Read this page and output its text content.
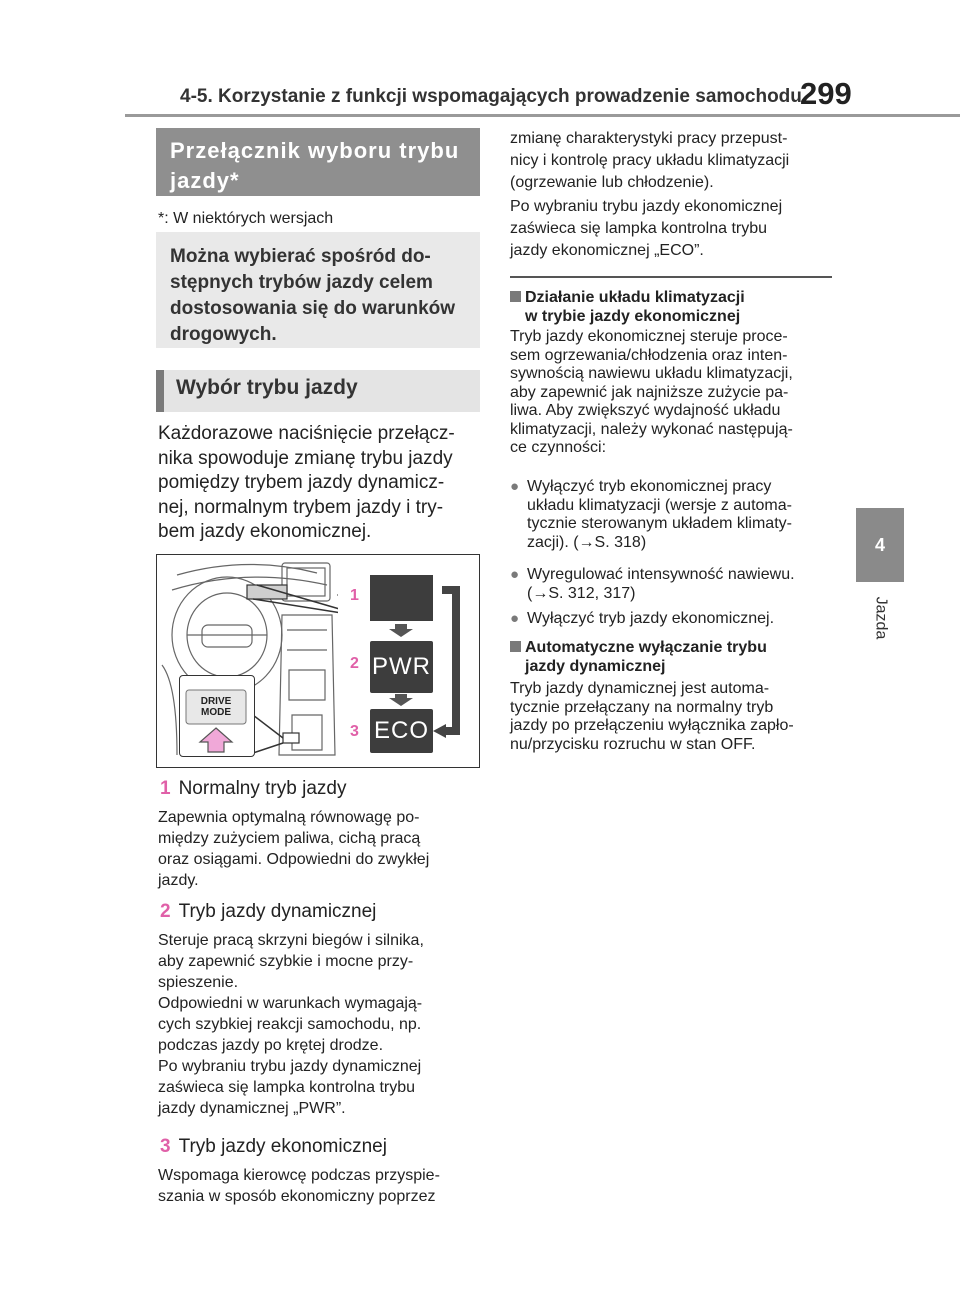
4-5. Korzystanie z funkcji wspomagających prowadzenie samochodu
299
4
Jazda
Przełącznik wyboru trybu
jazdy*
*: W niektórych wersjach
Można wybierać spośród do-
stępnych trybów jazdy celem
dostosowania się do warunków
drogowych.
Wybór trybu jazdy
Każdorazowe naciśnięcie przełącz-
nika spowoduje zmianę trybu jazdy
pomiędzy trybem jazdy dynamicz-
nej, normalnym trybem jazdy i try-
bem jazdy ekonomicznej.
1
2
3
PWR
ECO
DRIVE
MODE
1 Normalny tryb jazdy
Zapewnia optymalną równowagę po-
między zużyciem paliwa, cichą pracą
oraz osiągami. Odpowiedni do zwykłej
jazdy.
2 Tryb jazdy dynamicznej
Steruje pracą skrzyni biegów i silnika,
aby zapewnić szybkie i mocne przy-
spieszenie.
Odpowiedni w warunkach wymagają-
cych szybkiej reakcji samochodu, np.
podczas jazdy po krętej drodze.
Po wybraniu trybu jazdy dynamicznej
zaświeca się lampka kontrolna trybu
jazdy dynamicznej „PWR”.
3 Tryb jazdy ekonomicznej
Wspomaga kierowcę podczas przyspie-
szania w sposób ekonomiczny poprzez
zmianę charakterystyki pracy przepust-
nicy i kontrolę pracy układu klimatyzacji
(ogrzewanie lub chłodzenie).
Po wybraniu trybu jazdy ekonomicznej
zaświeca się lampka kontrolna trybu
jazdy ekonomicznej „ECO”.
Działanie układu klimatyzacji
w trybie jazdy ekonomicznej
Tryb jazdy ekonomicznej steruje proce-
sem ogrzewania/chłodzenia oraz inten-
sywnością nawiewu układu klimatyzacji,
aby zapewnić jak najniższe zużycie pa-
liwa. Aby zwiększyć wydajność układu
klimatyzacji, należy wykonać następują-
ce czynności:
● Wyłączyć tryb ekonomicznej pracy
układu klimatyzacji (wersje z automa-
tycznie sterowanym układem klimaty-
zacji). (→S. 318)
● Wyregulować intensywność nawiewu.
(→S. 312, 317)
● Wyłączyć tryb jazdy ekonomicznej.
Automatyczne wyłączanie trybu
jazdy dynamicznej
Tryb jazdy dynamicznej jest automa-
tycznie przełączany na normalny tryb
jazdy po przełączeniu wyłącznika zapło-
nu/przycisku rozruchu w stan OFF.
